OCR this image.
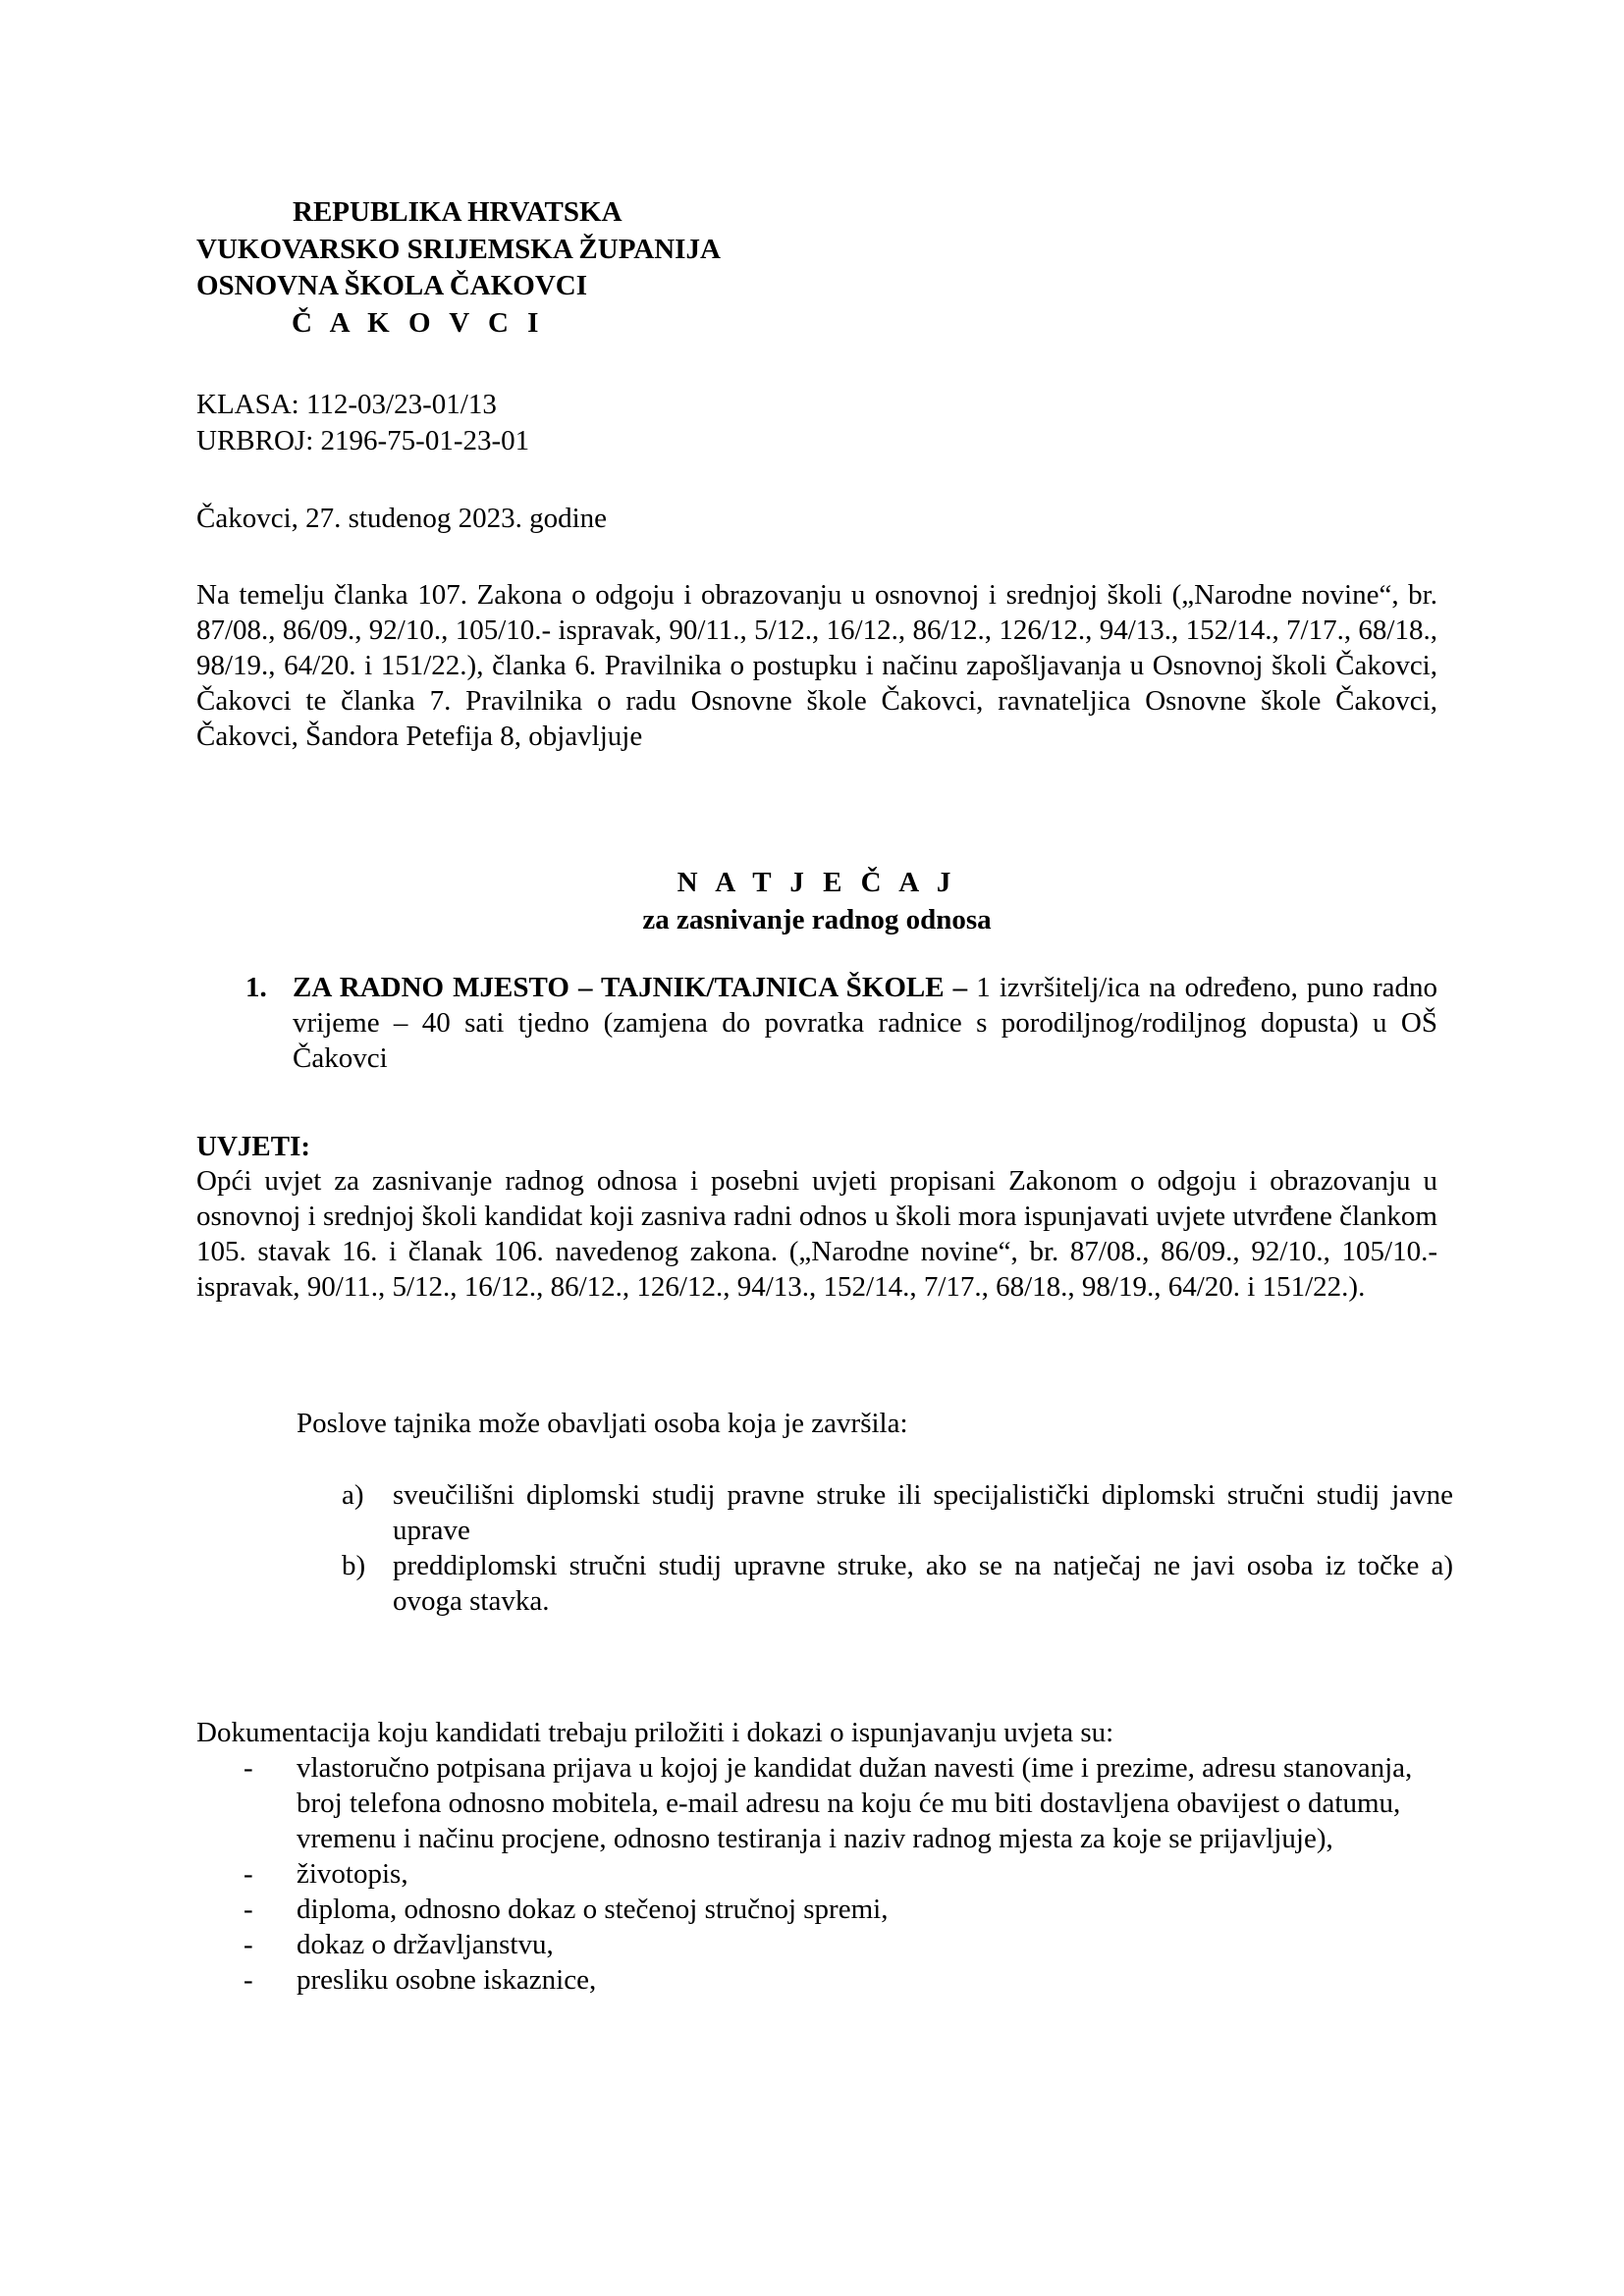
REPUBLIKA HRVATSKA
VUKOVARSKO SRIJEMSKA ŽUPANIJA
OSNOVNA ŠKOLA ČAKOVCI
Č A K O V C I
KLASA: 112-03/23-01/13
URBROJ: 2196-75-01-23-01
Čakovci, 27. studenog 2023. godine
Na temelju članka 107. Zakona o odgoju i obrazovanju u osnovnoj i srednjoj školi („Narodne novine“, br. 87/08., 86/09., 92/10., 105/10.- ispravak, 90/11., 5/12., 16/12., 86/12., 126/12., 94/13., 152/14., 7/17., 68/18., 98/19., 64/20. i 151/22.), članka 6. Pravilnika o postupku i načinu zapošljavanja u Osnovnoj školi Čakovci, Čakovci te članka 7. Pravilnika o radu Osnovne škole Čakovci, ravnateljica Osnovne škole Čakovci, Čakovci, Šandora Petefija 8, objavljuje
N A T J E Č A J
za zasnivanje radnog odnosa
1. ZA RADNO MJESTO – TAJNIK/TAJNICA ŠKOLE – 1 izvršitelj/ica na određeno, puno radno vrijeme – 40 sati tjedno (zamjena do povratka radnice s porodiljnog/rodiljnog dopusta) u OŠ Čakovci
UVJETI:
Opći uvjet za zasnivanje radnog odnosa i posebni uvjeti propisani Zakonom o odgoju i obrazovanju u osnovnoj i srednjoj školi kandidat koji zasniva radni odnos u školi mora ispunjavati uvjete utvrđene člankom 105. stavak 16. i članak 106. navedenog zakona. („Narodne novine“, br. 87/08., 86/09., 92/10., 105/10.- ispravak, 90/11., 5/12., 16/12., 86/12., 126/12., 94/13., 152/14., 7/17., 68/18., 98/19., 64/20. i 151/22.).
Poslove tajnika može obavljati osoba koja je završila:
a) sveučilišni diplomski studij pravne struke ili specijalistički diplomski stručni studij javne uprave
b) preddiplomski stručni studij upravne struke, ako se na natječaj ne javi osoba iz točke a) ovoga stavka.
Dokumentacija koju kandidati trebaju priložiti i dokazi o ispunjavanju uvjeta su:
- vlastoručno potpisana prijava u kojoj je kandidat dužan navesti (ime i prezime, adresu stanovanja, broj telefona odnosno mobitela, e-mail adresu na koju će mu biti dostavljena obavijest o datumu, vremenu i načinu procjene, odnosno testiranja i naziv radnog mjesta za koje se prijavljuje),
- životopis,
- diploma, odnosno dokaz o stečenoj stručnoj spremi,
- dokaz o državljanstvu,
- presliku osobne iskaznice,
